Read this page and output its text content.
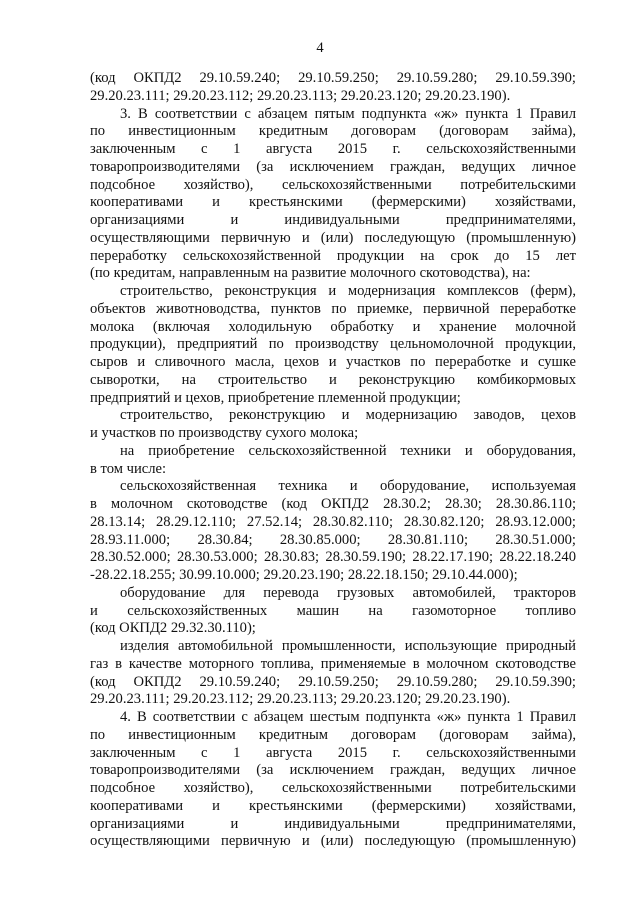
4
(код ОКПД2 29.10.59.240; 29.10.59.250; 29.10.59.280; 29.10.59.390;
29.20.23.111; 29.20.23.112; 29.20.23.113; 29.20.23.120; 29.20.23.190).
3. В соответствии с абзацем пятым подпункта «ж» пункта 1 Правил
по инвестиционным кредитным договорам (договорам займа),
заключенным с 1 августа 2015 г. сельскохозяйственными
товаропроизводителями (за исключением граждан, ведущих личное
подсобное хозяйство), сельскохозяйственными потребительскими
кооперативами и крестьянскими (фермерскими) хозяйствами,
организациями и индивидуальными предпринимателями,
осуществляющими первичную и (или) последующую (промышленную)
переработку сельскохозяйственной продукции на срок до 15 лет
(по кредитам, направленным на развитие молочного скотоводства), на:
строительство, реконструкция и модернизация комплексов (ферм),
объектов животноводства, пунктов по приемке, первичной переработке
молока (включая холодильную обработку и хранение молочной
продукции), предприятий по производству цельномолочной продукции,
сыров и сливочного масла, цехов и участков по переработке и сушке
сыворотки, на строительство и реконструкцию комбикормовых
предприятий и цехов, приобретение племенной продукции;
строительство, реконструкцию и модернизацию заводов, цехов
и участков по производству сухого молока;
на приобретение сельскохозяйственной техники и оборудования,
в том числе:
сельскохозяйственная техника и оборудование, используемая
в молочном скотоводстве (код ОКПД2 28.30.2; 28.30; 28.30.86.110;
28.13.14; 28.29.12.110; 27.52.14; 28.30.82.110; 28.30.82.120; 28.93.12.000;
28.93.11.000; 28.30.84; 28.30.85.000; 28.30.81.110; 28.30.51.000;
28.30.52.000; 28.30.53.000; 28.30.83; 28.30.59.190; 28.22.17.190; 28.22.18.240
-28.22.18.255; 30.99.10.000; 29.20.23.190; 28.22.18.150; 29.10.44.000);
оборудование для перевода грузовых автомобилей, тракторов
и сельскохозяйственных машин на газомоторное топливо
(код ОКПД2 29.32.30.110);
изделия автомобильной промышленности, использующие природный
газ в качестве моторного топлива, применяемые в молочном скотоводстве
(код ОКПД2 29.10.59.240; 29.10.59.250; 29.10.59.280; 29.10.59.390;
29.20.23.111; 29.20.23.112; 29.20.23.113; 29.20.23.120; 29.20.23.190).
4. В соответствии с абзацем шестым подпункта «ж» пункта 1 Правил
по инвестиционным кредитным договорам (договорам займа),
заключенным с 1 августа 2015 г. сельскохозяйственными
товаропроизводителями (за исключением граждан, ведущих личное
подсобное хозяйство), сельскохозяйственными потребительскими
кооперативами и крестьянскими (фермерскими) хозяйствами,
организациями и индивидуальными предпринимателями,
осуществляющими первичную и (или) последующую (промышленную)
